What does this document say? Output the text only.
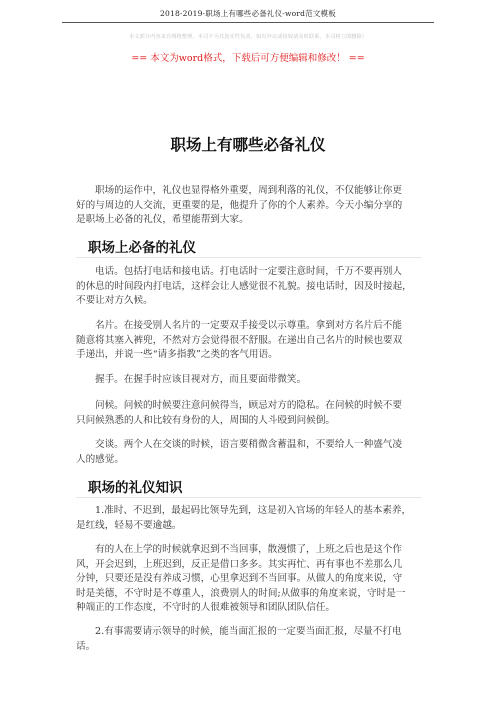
2018-2019-职场上有哪些必备礼仪-word范文模板
本文部分内容来自网络整理，本司不为其真实性负责，如有异议或侵权请及时联系，本司将立即删除！
== 本文为word格式，下载后可方便编辑和修改！ ==
职场上有哪些必备礼仪

职场的运作中，礼仪也显得格外重要，周到利落的礼仪，不仅能够让你更
好的与周边的人交流，更重要的是，他提升了你的个人素养。今天小编分享的
是职场上必备的礼仪，希望能帮到大家。

职场上必备的礼仪

电话。包括打电话和接电话。打电话时一定要注意时间，千万不要再别人
的休息的时间段内打电话，这样会让人感觉很不礼貌。接电话时，因及时接起，
不要让对方久候。

名片。在接受别人名片的一定要双手接受以示尊重。拿到对方名片后不能
随意将其塞入裤兜，不然对方会觉得很不舒服。在递出自己名片的时候也要双
手递出，并说一些“请多指教”之类的客气用语。

握手。在握手时应该目视对方，而且要面带微笑。

问候。问候的时候要注意问候得当，顾忌对方的隐私。在问候的时候不要
只问候熟悉的人和比较有身份的人，周围的人斗殴到问候倒。

交谈。两个人在交谈的时候，语言要稍微含蓄温和，不要给人一种盛气凌
人的感觉。

职场的礼仪知识

1.准时、不迟到，最起码比领导先到，这是初入官场的年轻人的基本素养，
是红线，轻易不要逾越。

有的人在上学的时候就拿迟到不当回事，散漫惯了，上班之后也是这个作
风，开会迟到，上班迟到，反正是借口多多。其实再忙、再有事也不差那么几
分钟，只要还是没有养成习惯，心里拿迟到不当回事。从做人的角度来说，守
时是美德，不守时是不尊重人，浪费别人的时间;从做事的角度来说，守时是一
种端正的工作态度，不守时的人很难被领导和团队团队信任。

2.有事需要请示领导的时候，能当面汇报的一定要当面汇报，尽量不打电
话。
